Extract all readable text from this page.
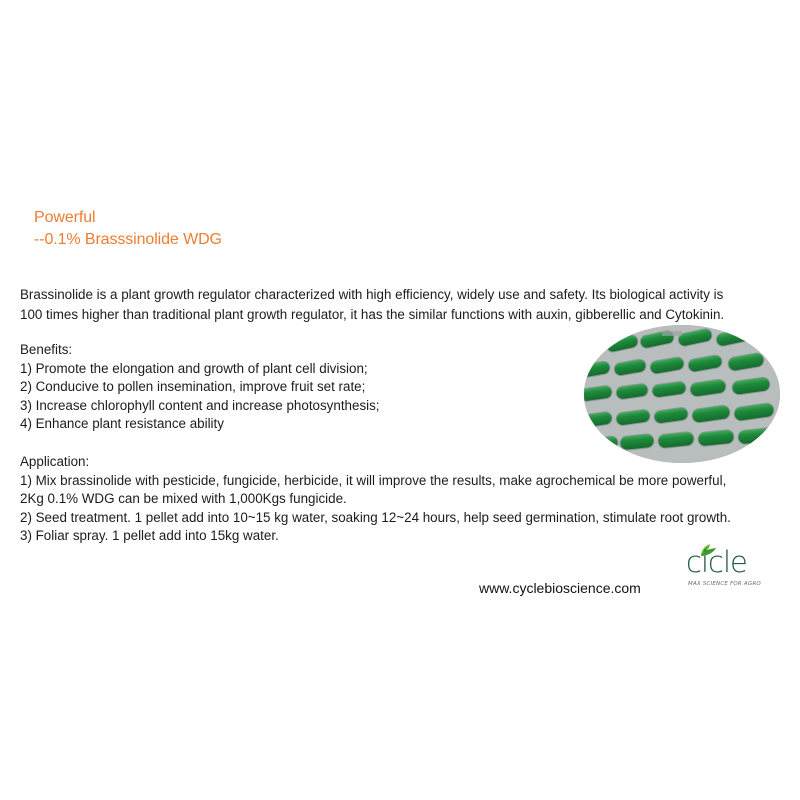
Powerful
--0.1% Brasssinolide WDG
Brassinolide is a plant growth regulator characterized with high efficiency, widely use and safety. Its biological activity is
100 times higher than traditional plant growth regulator, it has the similar functions with auxin, gibberellic and Cytokinin.
Benefits:
1) Promote the elongation and growth of plant cell division;
2) Conducive to pollen insemination, improve fruit set rate;
3) Increase chlorophyll content and increase photosynthesis;
4) Enhance plant resistance ability
Application:
1) Mix brassinolide with pesticide, fungicide, herbicide, it will improve the results, make agrochemical be more powerful,
2Kg 0.1% WDG can be mixed with 1,000Kgs fungicide.
2) Seed treatment. 1 pellet add into 10~15 kg water, soaking 12~24 hours, help seed germination, stimulate root growth.
3) Foliar spray. 1 pellet add into 15kg water.
www.cyclebioscience.com
cicle
MAX SCIENCE FOR AGRO
